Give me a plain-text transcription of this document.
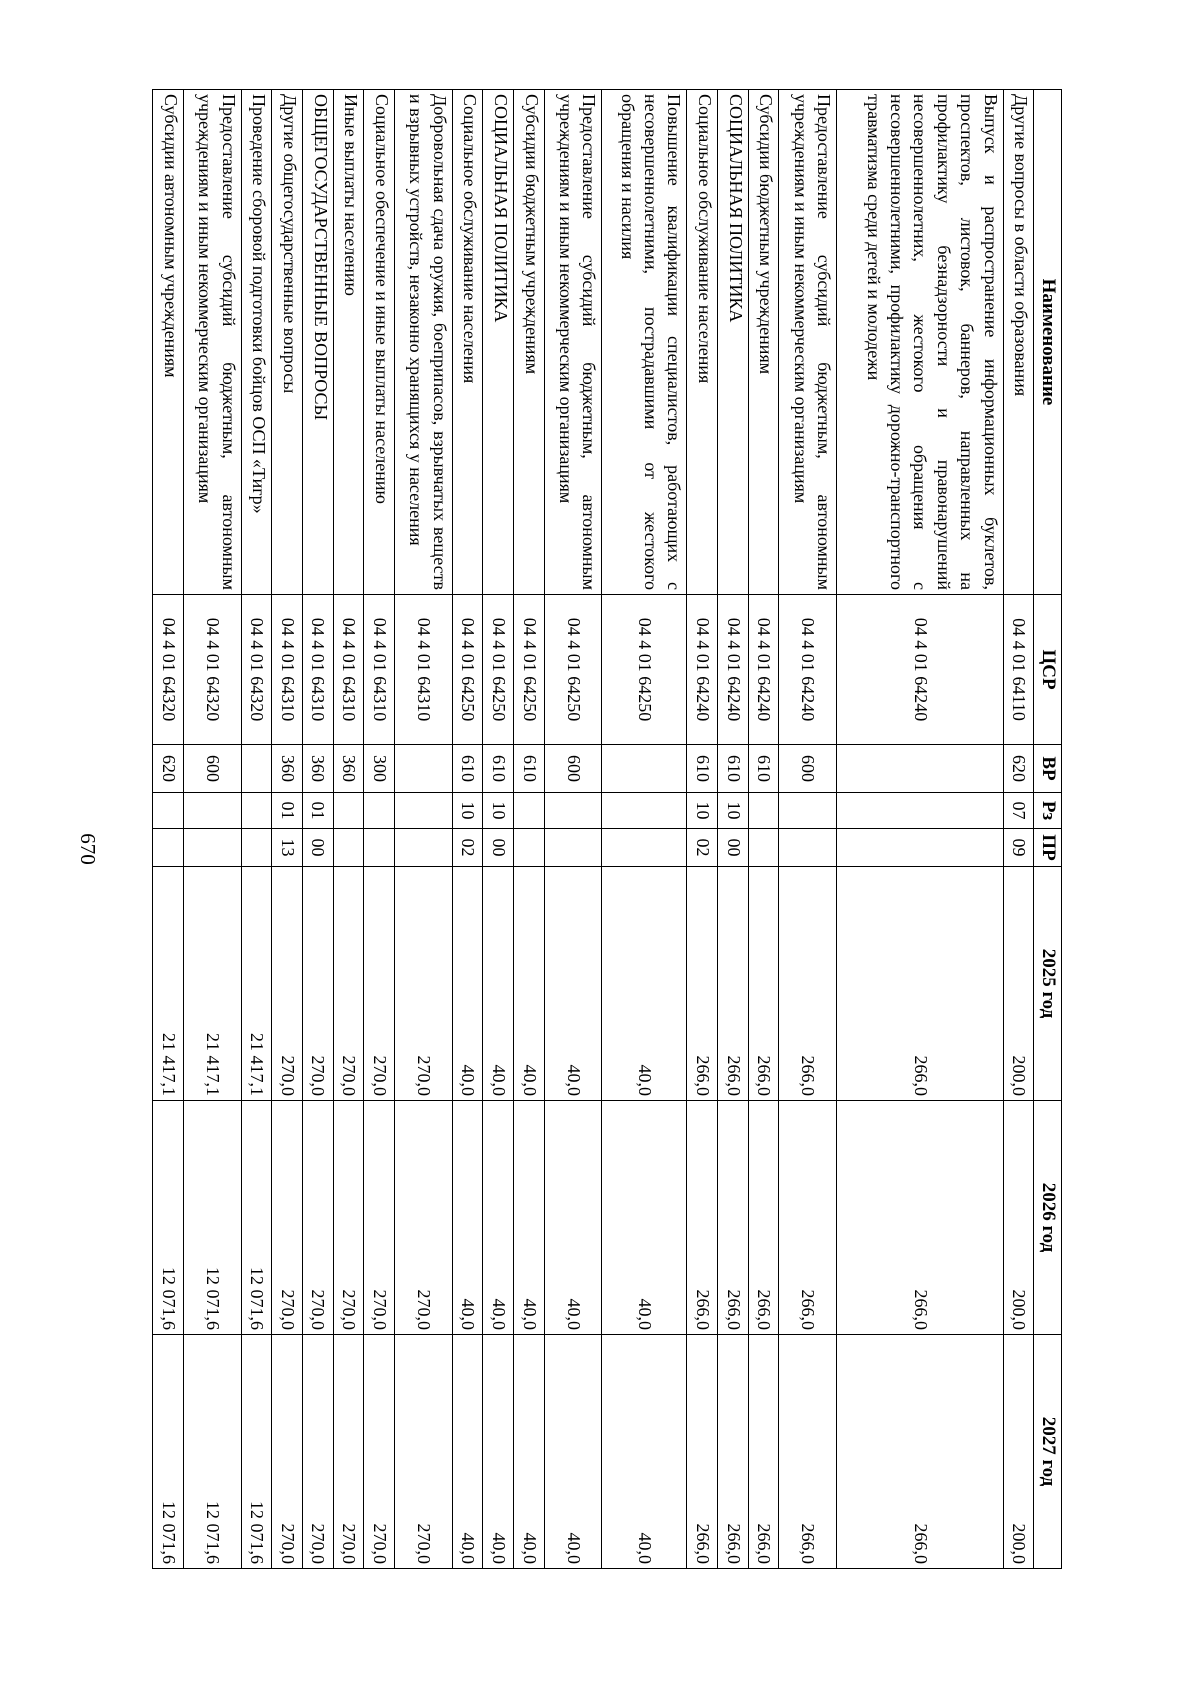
670
Наименование	ЦСР	ВР	Рз	ПР	2025 год	2026 год	2027 год
Другие вопросы в области образования	04 4 01 64110	620	07	09	200,0	200,0	200,0
Выпуск и распространение информационных буклетов, проспектов, листовок, баннеров, направленных на профилактику безнадзорности и правонарушений несовершеннолетних, жестокого обращения с несовершеннолетними, профилактику дорожно-транспортного травматизма среди детей и молодежи	04 4 01 64240				266,0	266,0	266,0
Предоставление субсидий бюджетным, автономным учреждениям и иным некоммерческим организациям	04 4 01 64240	600			266,0	266,0	266,0
Субсидии бюджетным учреждениям	04 4 01 64240	610			266,0	266,0	266,0
СОЦИАЛЬНАЯ ПОЛИТИКА	04 4 01 64240	610	10	00	266,0	266,0	266,0
Социальное обслуживание населения	04 4 01 64240	610	10	02	266,0	266,0	266,0
Повышение квалификации специалистов, работающих с несовершеннолетними, пострадавшими от жестокого обращения и насилия	04 4 01 64250				40,0	40,0	40,0
Предоставление субсидий бюджетным, автономным учреждениям и иным некоммерческим организациям	04 4 01 64250	600			40,0	40,0	40,0
Субсидии бюджетным учреждениям	04 4 01 64250	610			40,0	40,0	40,0
СОЦИАЛЬНАЯ ПОЛИТИКА	04 4 01 64250	610	10	00	40,0	40,0	40,0
Социальное обслуживание населения	04 4 01 64250	610	10	02	40,0	40,0	40,0
Добровольная сдача оружия, боеприпасов, взрывчатых веществ и взрывных устройств, незаконно хранящихся у населения	04 4 01 64310				270,0	270,0	270,0
Социальное обеспечение и иные выплаты населению	04 4 01 64310	300			270,0	270,0	270,0
Иные выплаты населению	04 4 01 64310	360			270,0	270,0	270,0
ОБЩЕГОСУДАРСТВЕННЫЕ ВОПРОСЫ	04 4 01 64310	360	01	00	270,0	270,0	270,0
Другие общегосударственные вопросы	04 4 01 64310	360	01	13	270,0	270,0	270,0
Проведение сборовой подготовки бойцов ОСП «Тигр»	04 4 01 64320				21 417,1	12 071,6	12 071,6
Предоставление субсидий бюджетным, автономным учреждениям и иным некоммерческим организациям	04 4 01 64320	600			21 417,1	12 071,6	12 071,6
Субсидии автономным учреждениям	04 4 01 64320	620			21 417,1	12 071,6	12 071,6
